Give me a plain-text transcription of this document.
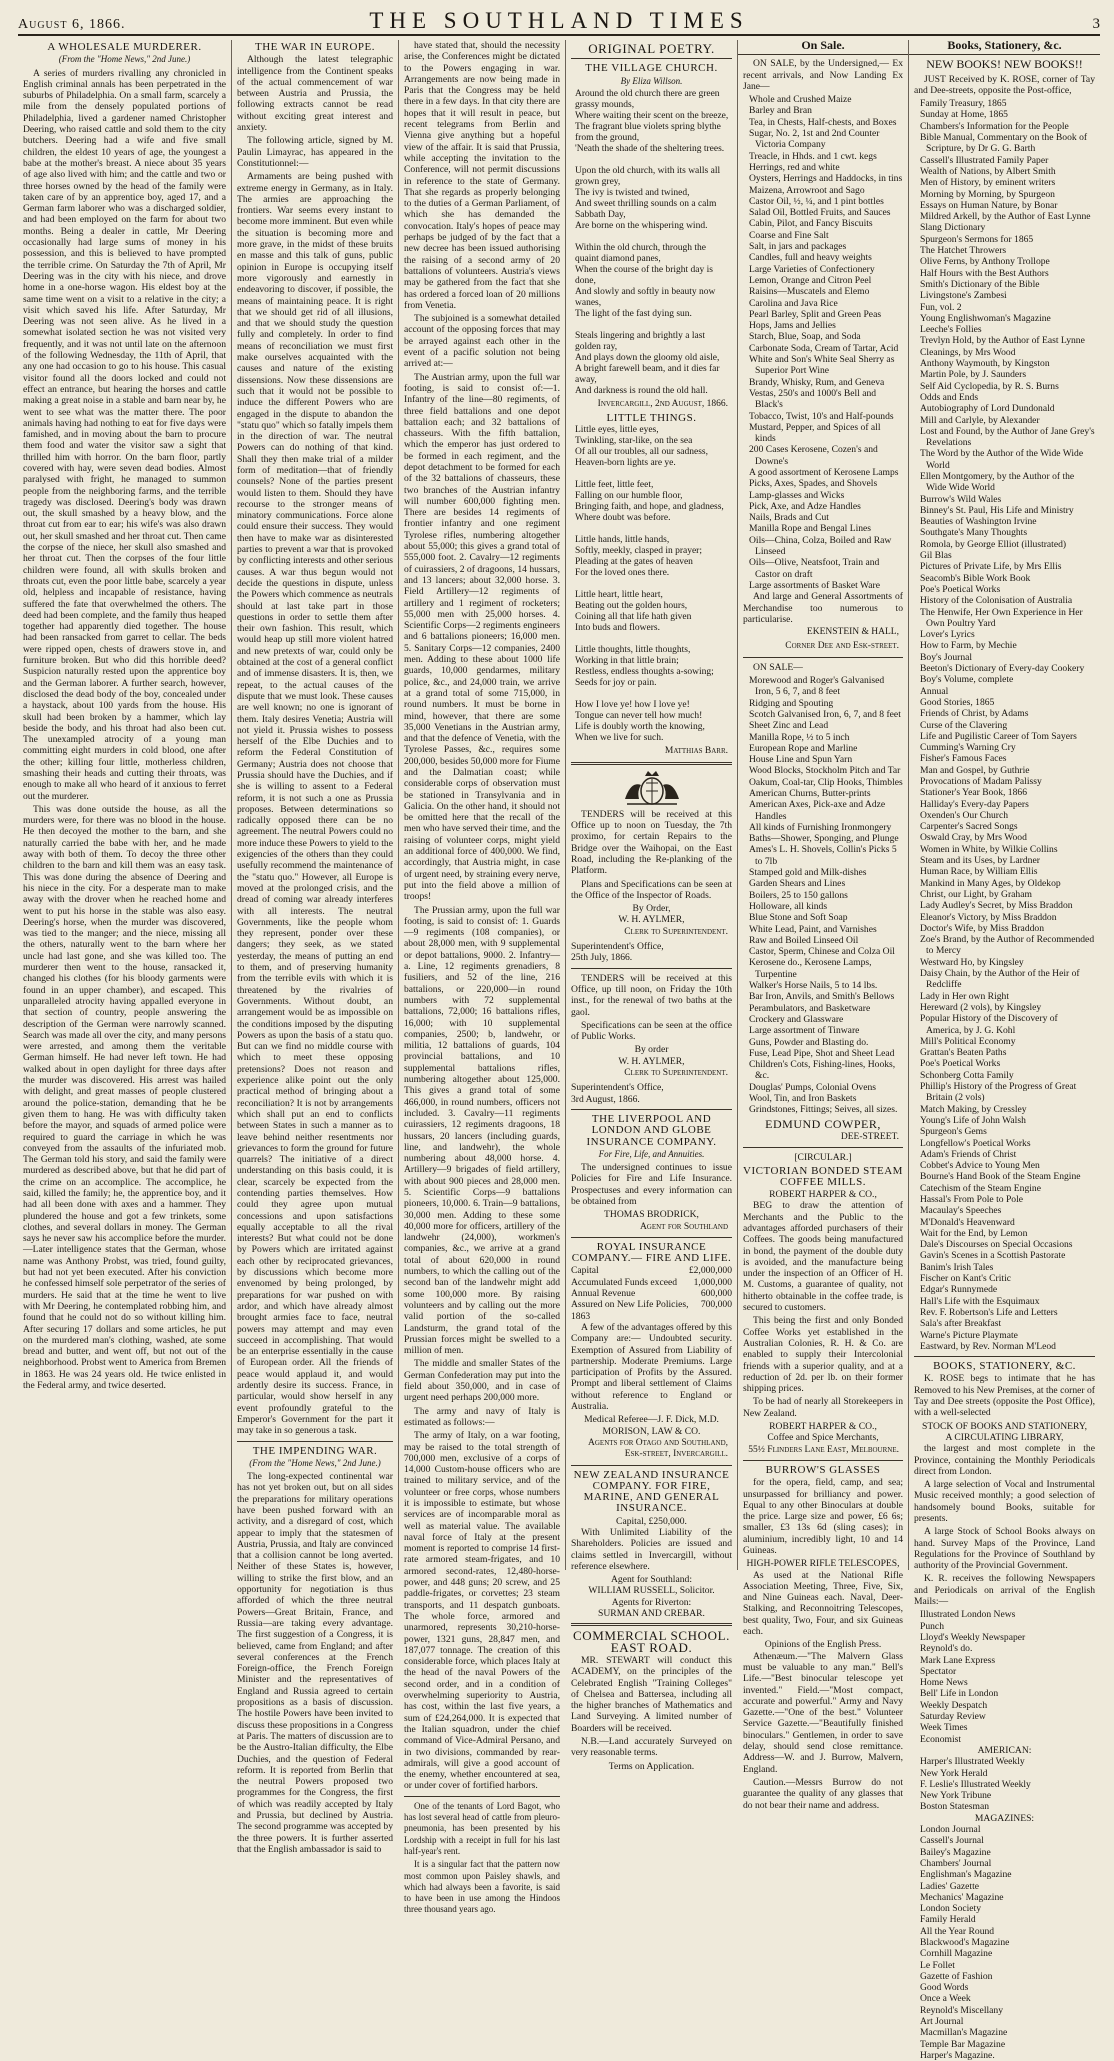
August 6, 1866.	THE SOUTHLAND TIMES	3
A WHOLESALE MURDERER.
(From the "Home News," 2nd June.)

A series of murders rivalling any chronicled in English criminal annals has been perpetrated in the suburbs of Philadelphia. On a small farm, scarcely a mile from the densely populated portions of Philadelphia, lived a gardener named Christopher Deering, who raised cattle and sold them to the city butchers. Deering had a wife and five small children, the eldest 10 years of age, the youngest a babe at the mother's breast. A niece about 35 years of age also lived with him; and the cattle and two or three horses owned by the head of the family were taken care of by an apprentice boy, aged 17, and a German farm laborer who was a discharged soldier, and had been employed on the farm for about two months. Being a dealer in cattle, Mr Deering occasionally had large sums of money in his possession, and this is believed to have prompted the terrible crime. On Saturday the 7th of April, Mr Deering was in the city with his niece, and drove home in a one-horse wagon. His eldest boy at the same time went on a visit to a relative in the city; a visit which saved his life. After Saturday, Mr Deering was not seen alive. As he lived in a somewhat isolated section he was not visited very frequently, and it was not until late on the afternoon of the following Wednesday, the 11th of April, that any one had occasion to go to his house. This casual visitor found all the doors locked and could not effect an entrance, but hearing the horses and cattle making a great noise in a stable and barn near by, he went to see what was the matter there. The poor animals having had nothing to eat for five days were famished, and in moving about the barn to procure them food and water the visitor saw a sight that thrilled him with horror. On the barn floor, partly covered with hay, were seven dead bodies. Almost paralysed with fright, he managed to summon people from the neighboring farms, and the terrible tragedy was disclosed. Deering's body was drawn out, the skull smashed by a heavy blow, and the throat cut from ear to ear; his wife's was also drawn out, her skull smashed and her throat cut. Then came the corpse of the niece, her skull also smashed and her throat cut. Then the corpses of the four little children were found, all with skulls broken and throats cut, even the poor little babe, scarcely a year old, helpless and incapable of resistance, having suffered the fate that overwhelmed the others. The deed had been complete, and the family thus heaped together had apparently died together. The house had been ransacked from garret to cellar. The beds were ripped open, chests of drawers stove in, and furniture broken. But who did this horrible deed? Suspicion naturally rested upon the apprentice boy and the German laborer. A further search, however, disclosed the dead body of the boy, concealed under a haystack, about 100 yards from the house. His skull had been broken by a hammer, which lay beside the body, and his throat had also been cut. The unexampled atrocity of a young man committing eight murders in cold blood, one after the other; killing four little, motherless children, smashing their heads and cutting their throats, was enough to make all who heard of it anxious to ferret out the murderer.

This was done outside the house, as all the murders were, for there was no blood in the house. He then decoyed the mother to the barn, and she naturally carried the babe with her, and he made away with both of them. To decoy the three other children to the barn and kill them was an easy task. This was done during the absence of Deering and his niece in the city. For a desperate man to make away with the drover when he reached home and went to put his horse in the stable was also easy. Deering's horse, when the murder was discovered, was tied to the manger; and the niece, missing all the others, naturally went to the barn where her uncle had last gone, and she was killed too. The murderer then went to the house, ransacked it, changed his clothes (for his bloody garments were found in an upper chamber), and escaped. This unparalleled atrocity having appalled everyone in that section of country, people answering the description of the German were narrowly scanned. Search was made all over the city, and many persons were arrested, and among them the veritable German himself. He had never left town. He had walked about in open daylight for three days after the murder was discovered. His arrest was hailed with delight, and great masses of people clustered around the police-station, demanding that he be given them to hang. He was with difficulty taken before the mayor, and squads of armed police were required to guard the carriage in which he was conveyed from the assaults of the infuriated mob. The German told his story, and said the family were murdered as described above, but that he did part of the crime on an accomplice. The accomplice, he said, killed the family; he, the apprentice boy, and it had all been done with axes and a hammer. They plundered the house and got a few trinkets, some clothes, and several dollars in money. The German says he never saw his accomplice before the murder.—Later intelligence states that the German, whose name was Anthony Probst, was tried, found guilty, but had not yet been executed. After his conviction he confessed himself sole perpetrator of the series of murders. He said that at the time he went to live with Mr Deering, he contemplated robbing him, and found that he could not do so without killing him. After securing 17 dollars and some articles, he put on the murdered man's clothing, washed, ate some bread and butter, and went off, but not out of the neighborhood. Probst went to America from Bremen in 1863. He was 24 years old. He twice enlisted in the Federal army, and twice deserted.

THE WAR IN EUROPE.

Although the latest telegraphic intelligence from the Continent speaks of the actual commencement of war between Austria and Prussia, the following extracts cannot be read without exciting great interest and anxiety.

The following article, signed by M. Paulin Limayrac, has appeared in the Constitutionnel:—

Armaments are being pushed with extreme energy in Germany, as in Italy. The armies are approaching the frontiers. War seems every instant to become more imminent. But even while the situation is becoming more and more grave, in the midst of these bruits en masse and this talk of guns, public opinion in Europe is occupying itself more vigorously and earnestly in endeavoring to discover, if possible, the means of maintaining peace. It is right that we should get rid of all illusions, and that we should study the question fully and completely. In order to find means of reconciliation we must first make ourselves acquainted with the causes and nature of the existing dissensions. Now these dissensions are such that it would not be possible to induce the different Powers who are engaged in the dispute to abandon the "statu quo" which so fatally impels them in the direction of war. The neutral Powers can do nothing of that kind. Shall they then make trial of a milder form of meditation—that of friendly counsels? None of the parties present would listen to them. Should they have recourse to the stronger means of minatory communications. Force alone could ensure their success. They would then have to make war as disinterested parties to prevent a war that is provoked by conflicting interests and other serious causes. A war thus begun would not decide the questions in dispute, unless the Powers which commence as neutrals should at last take part in those questions in order to settle them after their own fashion. This result, which would heap up still more violent hatred and new pretexts of war, could only be obtained at the cost of a general conflict and of immense disasters. It is, then, we repeat, to the actual causes of the dispute that we must look. These causes are well known; no one is ignorant of them. Italy desires Venetia; Austria will not yield it. Prussia wishes to possess herself of the Elbe Duchies and to reform the Federal Constitution of Germany; Austria does not choose that Prussia should have the Duchies, and if she is willing to assent to a Federal reform, it is not such a one as Prussia proposes. Between determinations so radically opposed there can be no agreement. The neutral Powers could no more induce these Powers to yield to the exigencies of the others than they could usefully recommend the maintenance of the "statu quo." However, all Europe is moved at the prolonged crisis, and the dread of coming war already interferes with all interests. The neutral Governments, like the people whom they represent, ponder over these dangers; they seek, as we stated yesterday, the means of putting an end to them, and of preserving humanity from the terrible evils with which it is threatened by the rivalries of Governments. Without doubt, an arrangement would be as impossible on the conditions imposed by the disputing Powers as upon the basis of a statu quo. But can we find no middle course with which to meet these opposing pretensions? Does not reason and experience alike point out the only practical method of bringing about a reconciliation? It is not by arrangements which shall put an end to conflicts between States in such a manner as to leave behind neither resentments nor grievances to form the ground for future quarrels? The initiative of a direct understanding on this basis could, it is clear, scarcely be expected from the contending parties themselves. How could they agree upon mutual concessions and upon satisfactions equally acceptable to all the rival interests? But what could not be done by Powers which are irritated against each other by reciprocated grievances, by discussions which become more envenomed by being prolonged, by preparations for war pushed on with ardor, and which have already almost brought armies face to face, neutral powers may attempt and may even succeed in accomplishing. That would be an enterprise essentially in the cause of European order. All the friends of peace would applaud it, and would ardently desire its success. France, in particular, would show herself in any event profoundly grateful to the Emperor's Government for the part it may take in so generous a task.

THE IMPENDING WAR.
(From the "Home News," 2nd June.)

The long-expected continental war has not yet broken out, but on all sides the preparations for military operations have been pushed forward with an activity, and a disregard of cost, which appear to imply that the statesmen of Austria, Prussia, and Italy are convinced that a collision cannot be long averted. Neither of these States is, however, willing to strike the first blow, and an opportunity for negotiation is thus afforded of which the three neutral Powers—Great Britain, France, and Russia—are taking every advantage. The first suggestion of a Congress, it is believed, came from England; and after several conferences at the French Foreign-office, the French Foreign Minister and the representatives of England and Russia agreed to certain propositions as a basis of discussion. The hostile Powers have been invited to discuss these propositions in a Congress at Paris. The matters of discussion are to be the Austro-Italian difficulty, the Elbe Duchies, and the question of Federal reform. It is reported from Berlin that the neutral Powers proposed two programmes for the Congress, the first of which was readily accepted by Italy and Prussia, but declined by Austria. The second programme was accepted by the three powers. It is further asserted that the English ambassador is said to

have stated that, should the necessity arise, the Conferences might be dictated to the Powers engaging in war. Arrangements are now being made in Paris that the Congress may be held there in a few days. In that city there are hopes that it will result in peace, but recent telegrams from Berlin and Vienna give anything but a hopeful view of the affair. It is said that Prussia, while accepting the invitation to the Conference, will not permit discussions in reference to the state of Germany. That she regards as properly belonging to the duties of a German Parliament, of which she has demanded the convocation. Italy's hopes of peace may perhaps be judged of by the fact that a new decree has been issued authorising the raising of a second army of 20 battalions of volunteers. Austria's views may be gathered from the fact that she has ordered a forced loan of 20 millions from Venetia.

The subjoined is a somewhat detailed account of the opposing forces that may be arrayed against each other in the event of a pacific solution not being arrived at:—

The Austrian army, upon the full war footing, is said to consist of:—1. Infantry of the line—80 regiments, of three field battalions and one depot battalion each; and 32 battalions of chasseurs. With the fifth battalion, which the emperor has just ordered to be formed in each regiment, and the depot detachment to be formed for each of the 32 battalions of chasseurs, these two branches of the Austrian infantry will number 600,000 fighting men. There are besides 14 regiments of frontier infantry and one regiment Tyrolese rifles, numbering altogether about 55,000; this gives a grand total of 555,000 foot. 2. Cavalry—12 regiments of cuirassiers, 2 of dragoons, 14 hussars, and 13 lancers; about 32,000 horse. 3. Field Artillery—12 regiments of artillery and 1 regiment of rocketers; 55,000 men with 25,000 horses. 4. Scientific Corps—2 regiments engineers and 6 battalions pioneers; 16,000 men. 5. Sanitary Corps—12 companies, 2400 men. Adding to these about 1000 life guards, 10,000 gendarmes, military police, &c., and 24,000 train, we arrive at a grand total of some 715,000, in round numbers. It must be borne in mind, however, that there are some 35,000 Venetians in the Austrian army, and that the defence of Venetia, with the Tyrolese Passes, &c., requires some 200,000, besides 50,000 more for Fiume and the Dalmatian coast; while considerable corps of observation must be stationed in Transylvania and in Galicia. On the other hand, it should not be omitted here that the recall of the men who have served their time, and the raising of volunteer corps, might yield an additional force of 400,000. We find, accordingly, that Austria might, in case of urgent need, by straining every nerve, put into the field above a million of troops!

The Prussian army, upon the full war footing, is said to consist of: 1. Guards—9 regiments (108 companies), or about 28,000 men, with 9 supplemental or depot battalions, 9000. 2. Infantry—a. Line, 12 regiments grenadiers, 8 fusiliers, and 52 of the line, 216 battalions, or 220,000—in round numbers with 72 supplemental battalions, 72,000; 16 battalions rifles, 16,000; with 10 supplemental companies, 2500; b, landwehr, or militia, 12 battalions of guards, 104 provincial battalions, and 10 supplemental battalions rifles, numbering altogether about 125,000. This gives a grand total of some 466,000, in round numbers, officers not included. 3. Cavalry—11 regiments cuirassiers, 12 regiments dragoons, 18 hussars, 20 lancers (including guards, line, and landwehr), the whole numbering about 48,000 horse. 4. Artillery—9 brigades of field artillery, with about 900 pieces and 28,000 men. 5. Scientific Corps—9 battalions pioneers, 10,000. 6. Train—9 battalions, 30,000 men. Adding to these some 40,000 more for officers, artillery of the landwehr (24,000), workmen's companies, &c., we arrive at a grand total of about 620,000 in round numbers, to which the calling out of the second ban of the landwehr might add some 100,000 more. By raising volunteers and by calling out the more valid portion of the so-called Landsturm, the grand total of the Prussian forces might be swelled to a million of men.

The middle and smaller States of the German Confederation may put into the field about 350,000, and in case of urgent need perhaps 200,000 more.

The army and navy of Italy is estimated as follows:—

The army of Italy, on a war footing, may be raised to the total strength of 700,000 men, exclusive of a corps of 14,000 Custom-house officers who are trained to military service, and of the volunteer or free corps, whose numbers it is impossible to estimate, but whose services are of incomparable moral as well as material value. The available naval force of Italy at the present moment is reported to comprise 14 first-rate armored steam-frigates, and 10 armored second-rates, 12,480-horse-power, and 448 guns; 20 screw, and 25 paddle-frigates, or corvettes; 23 steam transports, and 11 despatch gunboats. The whole force, armored and unarmored, represents 30,210-horse-power, 1321 guns, 28,847 men, and 187,077 tonnage. The creation of this considerable force, which places Italy at the head of the naval Powers of the second order, and in a condition of overwhelming superiority to Austria, has cost, within the last five years, a sum of £24,264,000. It is expected that the Italian squadron, under the chief command of Vice-Admiral Persano, and in two divisions, commanded by rear-admirals, will give a good account of the enemy, whether encountered at sea, or under cover of fortified harbors.

One of the tenants of Lord Bagot, who has lost several head of cattle from pleuro-pneumonia, has been presented by his Lordship with a receipt in full for his last half-year's rent.

It is a singular fact that the pattern now most common upon Paisley shawls, and which had always been a favorite, is said to have been in use among the Hindoos three thousand years ago.

ORIGINAL POETRY.
THE VILLAGE CHURCH.
By Eliza Willson.
Around the old church there are green grassy mounds,
Where waiting their scent on the breeze,
The fragrant blue violets spring blythe from the ground,
'Neath the shade of the sheltering trees.

Upon the old church, with its walls all grown grey,
The ivy is twisted and twined,
And sweet thrilling sounds on a calm Sabbath Day,
Are borne on the whispering wind.

Within the old church, through the quaint diamond panes,
When the course of the bright day is done,
And slowly and softly in beauty now wanes,
The light of the fast dying sun.

Steals lingering and brightly a last golden ray,
And plays down the gloomy old aisle,
A bright farewell beam, and it dies far away,
And darkness is round the old hall.
Invercargill, 2nd August, 1866.
LITTLE THINGS.
Little eyes, little eyes,
Twinkling, star-like, on the sea
Of all our troubles, all our sadness,
Heaven-born lights are ye.

Little feet, little feet,
Falling on our humble floor,
Bringing faith, and hope, and gladness,
Where doubt was before.

Little hands, little hands,
Softly, meekly, clasped in prayer;
Pleading at the gates of heaven
For the loved ones there.

Little heart, little heart,
Beating out the golden hours,
Coining all that life hath given
Into buds and flowers.

Little thoughts, little thoughts,
Working in that little brain;
Restless, endless thoughts a-sowing;
Seeds for joy or pain.

How I love ye! how I love ye!
Tongue can never tell how much!
Life is doubly worth the knowing,
When we live for such.
Matthias Barr.

TENDERS will be received at this Office up to noon on Tuesday, the 7th proximo, for certain Repairs to the Bridge over the Waihopai, on the East Road, including the Re-planking of the Platform.

Plans and Specifications can be seen at the Office of the Inspector of Roads.

By Order,
W. H. AYLMER,
Clerk to Superintendent.
Superintendent's Office,
25th July, 1866.

TENDERS will be received at this Office, up till noon, on Friday the 10th inst., for the renewal of two baths at the gaol.

Specifications can be seen at the office of Public Works.

By order
W. H. AYLMER,
Clerk to Superintendent.
Superintendent's Office,
3rd August, 1866.
THE LIVERPOOL AND LONDON AND GLOBE INSURANCE COMPANY.
For Fire, Life, and Annuities.

The undersigned continues to issue Policies for Fire and Life Insurance. Prospectuses and every information can be obtained from

THOMAS BRODRICK,
Agent for Southland
ROYAL INSURANCE COMPANY.— FIRE AND LIFE.
Capital	£2,000,000
Accumulated Funds exceed 1,000,000
Annual Revenue	600,000
Assured on New Life Policies, 1863
700,000

A few of the advantages offered by this Company are:— Undoubted security. Exemption of Assured from Liability of partnership. Moderate Premiums. Large participation of Profits by the Assured. Prompt and liberal settlement of Claims without reference to England or Australia.

Medical Referee—J. F. Dick, M.D.
MORISON, LAW & CO.
Agents for Otago and Southland, Esk-street, Invercargill.
NEW ZEALAND INSURANCE COMPANY. FOR FIRE, MARINE, AND GENERAL INSURANCE.
Capital, £250,000.

With Unlimited Liability of the Shareholders. Policies are issued and claims settled in Invercargill, without reference elsewhere.

Agent for Southland:
WILLIAM RUSSELL, Solicitor.
Agents for Riverton:
SURMAN AND CREBAR.
COMMERCIAL SCHOOL. EAST ROAD.

MR. STEWART will conduct this ACADEMY, on the principles of the Celebrated English "Training Colleges" of Chelsea and Battersea, including all the higher branches of Mathematics and Land Surveying. A limited number of Boarders will be received.

N.B.—Land accurately Surveyed on very reasonable terms.

Terms on Application.
On Sale.

ON SALE, by the Undersigned,— Ex recent arrivals, and Now Landing Ex Jane—

Whole and Crushed Maize
Barley and Bran
Tea, in Chests, Half-chests, and Boxes
Sugar, No. 2, 1st and 2nd Counter Victoria Company
Treacle, in Hhds. and 1 cwt. kegs
Herrings, red and white
Oysters, Herrings and Haddocks, in tins
Maizena, Arrowroot and Sago
Castor Oil, ½, ¼, and 1 pint bottles
Salad Oil, Bottled Fruits, and Sauces
Cabin, Pilot, and Fancy Biscuits
Coarse and Fine Salt
Salt, in jars and packages
Candles, full and heavy weights
Large Varieties of Confectionery
Lemon, Orange and Citron Peel
Raisins—Muscatels and Elemo
Carolina and Java Rice
Pearl Barley, Split and Green Peas
Hops, Jams and Jellies
Starch, Blue, Soap, and Soda
Carbonate Soda, Cream of Tartar, Acid
White and Son's White Seal Sherry as Superior Port Wine
Brandy, Whisky, Rum, and Geneva
Vestas, 250's and 1000's Bell and Black's
Tobacco, Twist, 10's and Half-pounds
Mustard, Pepper, and Spices of all kinds
200 Cases Kerosene, Cozen's and Downe's
A good assortment of Kerosene Lamps
Picks, Axes, Spades, and Shovels
Lamp-glasses and Wicks
Pick, Axe, and Adze Handles
Nails, Brads and Cut
Manilla Rope and Bengal Lines
Oils—China, Colza, Boiled and Raw Linseed
Oils—Olive, Neatsfoot, Train and Castor on draft
Large assortments of Basket Ware

And large and General Assortments of Merchandise too numerous to particularise.

EKENSTEIN & HALL,
Corner Dee and Esk-street.

ON SALE—

Morewood and Roger's Galvanised Iron, 5 6, 7, and 8 feet
Ridging and Spouting
Scotch Galvanised Iron, 6, 7, and 8 feet
Sheet Zinc and Lead
Manilla Rope, ½ to 5 inch
European Rope and Marline
House Line and Spun Yarn
Wood Blocks, Stockholm Pitch and Tar
Oakum, Coal-tar, Clip Hooks, Thimbles
American Churns, Butter-prints
American Axes, Pick-axe and Adze Handles
All kinds of Furnishing Ironmongery
Baths—Shower, Sponging, and Plunge
Ames's L. H. Shovels, Collin's Picks 5 to 7lb
Stamped gold and Milk-dishes
Garden Shears and Lines
Boilers, 25 to 150 gallons
Holloware, all kinds
Blue Stone and Soft Soap
White Lead, Paint, and Varnishes
Raw and Boiled Linseed Oil
Castor, Sperm, Chinese and Colza Oil
Kerosene do., Kerosene Lamps, Turpentine
Walker's Horse Nails, 5 to 14 lbs.
Bar Iron, Anvils, and Smith's Bellows
Perambulators, and Basketware
Crockery and Glassware
Large assortment of Tinware
Guns, Powder and Blasting do.
Fuse, Lead Pipe, Shot and Sheet Lead
Children's Cots, Fishing-lines, Hooks, &c.
Douglas' Pumps, Colonial Ovens
Wool, Tin, and Iron Baskets
Grindstones, Fittings; Seives, all sizes.
EDMUND COWPER,
DEE-STREET.
[CIRCULAR.]
VICTORIAN BONDED STEAM COFFEE MILLS.
ROBERT HARPER & CO.,

BEG to draw the attention of Merchants and the Public to the advantages afforded purchasers of their Coffees. The goods being manufactured in bond, the payment of the double duty is avoided, and the manufacture being under the inspection of an Officer of H. M. Customs, a guarantee of quality, not hitherto obtainable in the coffee trade, is secured to customers.

This being the first and only Bonded Coffee Works yet established in the Australian Colonies, R. H. & Co. are enabled to supply their Intercolonial friends with a superior quality, and at a reduction of 2d. per lb. on their former shipping prices.

To be had of nearly all Storekeepers in New Zealand.

ROBERT HARPER & CO.,
Coffee and Spice Merchants,
55½ Flinders Lane East, Melbourne.
BURROW'S GLASSES

for the opera, field, camp, and sea; unsurpassed for brilliancy and power. Equal to any other Binoculars at double the price. Large size and power, £6 6s; smaller, £3 13s 6d (sling cases); in aluminium, incredibly light, 10 and 14 Guineas.

HIGH-POWER RIFLE TELESCOPES,

As used at the National Rifle Association Meeting, Three, Five, Six, and Nine Guineas each. Naval, Deer-Stalking, and Reconnoitring Telescopes, best quality, Two, Four, and six Guineas each.

Opinions of the English Press.

Athenæum.—"The Malvern Glass must be valuable to any man." Bell's Life.—"Best binocular telescope yet invented." Field.—"Most compact, accurate and powerful." Army and Navy Gazette.—"One of the best." Volunteer Service Gazette.—"Beautifully finished binoculars." Gentlemen, in order to save delay, should send close remittance. Address—W. and J. Burrow, Malvern, England.

Caution.—Messrs Burrow do not guarantee the quality of any glasses that do not bear their name and address.

Books, Stationery, &c.
NEW BOOKS! NEW BOOKS!!

JUST Received by K. ROSE, corner of Tay and Dee-streets, opposite the Post-office,

Family Treasury, 1865
Sunday at Home, 1865
Chambers's Information for the People
Bible Manual, Commentary on the Book of Scripture, by Dr G. G. Barth
Cassell's Illustrated Family Paper
Wealth of Nations, by Albert Smith
Men of History, by eminent writers
Morning by Morning, by Spurgeon
Essays on Human Nature, by Bonar
Mildred Arkell, by the Author of East Lynne
Slang Dictionary
Spurgeon's Sermons for 1865
The Hatchet Throwers
Olive Ferns, by Anthony Trollope
Half Hours with the Best Authors
Smith's Dictionary of the Bible
Livingstone's Zambesi
Fun, vol. 2
Young Englishwoman's Magazine
Leeche's Follies
Trevlyn Hold, by the Author of East Lynne
Cleanings, by Mrs Wood
Anthony Waymouth, by Kingston
Martin Pole, by J. Saunders
Self Aid Cyclopedia, by R. S. Burns
Odds and Ends
Autobiography of Lord Dundonald
Mill and Carlyle, by Alexander
Lost and Found, by the Author of Jane Grey's Revelations
The Word by the Author of the Wide Wide World
Ellen Montgomery, by the Author of the Wide Wide World
Burrow's Wild Wales
Binney's St. Paul, His Life and Ministry
Beauties of Washington Irvine
Southgate's Many Thoughts
Romola, by George Elliot (illustrated)
Gil Blas
Pictures of Private Life, by Mrs Ellis
Seacomb's Bible Work Book
Poe's Poetical Works
History of the Colonisation of Australia
The Henwife, Her Own Experience in Her Own Poultry Yard
Lover's Lyrics
How to Farm, by Mechie
Boy's Journal
Beeton's Dictionary of Every-day Cookery
Boy's Volume, complete
Annual
Good Stories, 1865
Friends of Christ, by Adams
Curse of the Clavering
Life and Pugilistic Career of Tom Sayers
Cumming's Warning Cry
Fisher's Famous Faces
Man and Gospel, by Guthrie
Provocations of Madam Palissy
Stationer's Year Book, 1866
Halliday's Every-day Papers
Oxenden's Our Church
Carpenter's Sacred Songs
Oswald Cray, by Mrs Wood
Women in White, by Wilkie Collins
Steam and its Uses, by Lardner
Human Race, by William Ellis
Mankind in Many Ages, by Oldekop
Christ, our Light, by Graham
Lady Audley's Secret, by Miss Braddon
Eleanor's Victory, by Miss Braddon
Doctor's Wife, by Miss Braddon
Zoe's Brand, by the Author of Recommended to Mercy
Westward Ho, by Kingsley
Daisy Chain, by the Author of the Heir of Redcliffe
Lady in Her own Right
Hereward (2 vols), by Kingsley
Popular History of the Discovery of America, by J. G. Kohl
Mill's Political Economy
Grattan's Beaten Paths
Poe's Poetical Works
Schonberg Cotta Family
Phillip's History of the Progress of Great Britain (2 vols)
Match Making, by Cressley
Young's Life of John Walsh
Spurgeon's Gems
Longfellow's Poetical Works
Adam's Friends of Christ
Cobbet's Advice to Young Men
Bourne's Hand Book of the Steam Engine
Catechism of the Steam Engine
Hassal's From Pole to Pole
Macaulay's Speeches
M'Donald's Heavenward
Wait for the End, by Lemon
Dale's Discourses on Special Occasions
Gavin's Scenes in a Scottish Pastorate
Banim's Irish Tales
Fischer on Kant's Critic
Edgar's Runnymede
Hall's Life with the Esquimaux
Rev. F. Robertson's Life and Letters
Sala's after Breakfast
Warne's Picture Playmate
Eastward, by Rev. Norman M'Leod
BOOKS, STATIONERY, &C.

K. ROSE begs to intimate that he has Removed to his New Premises, at the corner of Tay and Dee streets (opposite the Post Office), with a well-selected

STOCK OF BOOKS AND STATIONERY,
A CIRCULATING LIBRARY,

the largest and most complete in the Province, containing the Monthly Periodicals direct from London.

A large selection of Vocal and Instrumental Music received monthly; a good selection of handsomely bound Books, suitable for presents.

A large Stock of School Books always on hand. Survey Maps of the Province, Land Regulations for the Province of Southland by authority of the Provincial Government.

K. R. receives the following Newspapers and Periodicals on arrival of the English Mails:—

Illustrated London News
Punch
Lloyd's Weekly Newspaper
Reynold's do.
Mark Lane Express
Spectator
Home News
Bell' Life in London
Weekly Despatch
Saturday Review
Week Times
Economist
AMERICAN:
Harper's Illustrated Weekly
New York Herald
F. Leslie's Illustrated Weekly
New York Tribune
Boston Statesman
MAGAZINES:
London Journal
Cassell's Journal
Bailey's Magazine
Chambers' Journal
Englishman's Magazine
Ladies' Gazette
Mechanics' Magazine
London Society
Family Herald
All the Year Round
Blackwood's Magazine
Cornhill Magazine
Le Follet
Gazette of Fashion
Good Words
Once a Week
Reynold's Miscellany
Art Journal
Macmillan's Magazine
Temple Bar Magazine
Harper's Magazine.
